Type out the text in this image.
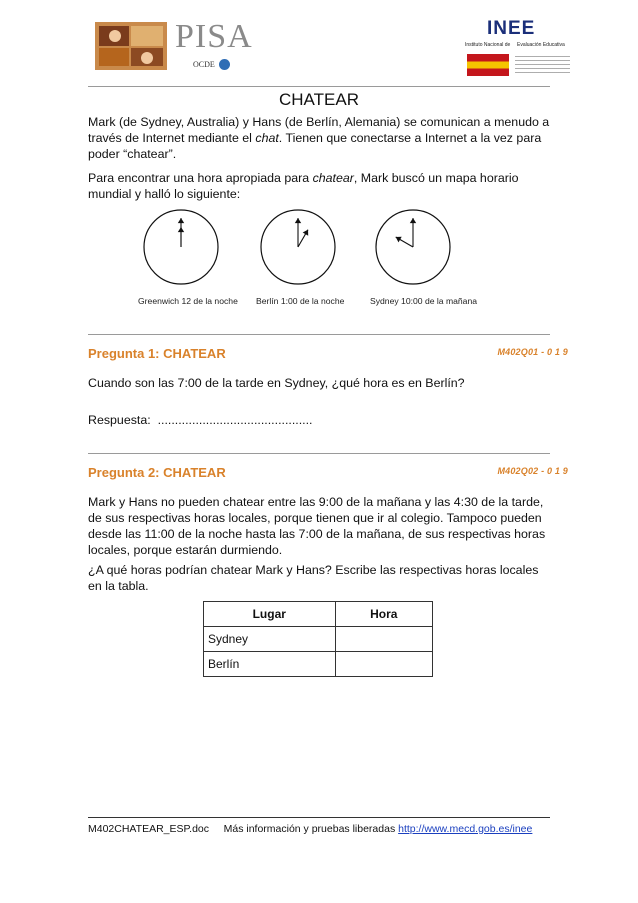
PISA
OCDE
INEE
Instituto Nacional de Evaluación Educativa
CHATEAR

Mark (de Sydney, Australia) y Hans (de Berlín, Alemania) se comunican a menudo a través de Internet mediante el chat. Tienen que conectarse a Internet a la vez para poder “chatear”.

Para encontrar una hora apropiada para chatear, Mark buscó un mapa horario mundial y halló lo siguiente:

Greenwich 12 de la noche Berlín 1:00 de la noche	Sydney 10:00 de la mañana
Pregunta 1: CHATEAR	M402Q01 - 0 1 9

Cuando son las 7:00 de la tarde en Sydney, ¿qué hora es en Berlín?

Respuesta: .............................................

Pregunta 2: CHATEAR	M402Q02 - 0 1 9

Mark y Hans no pueden chatear entre las 9:00 de la mañana y las 4:30 de la tarde, de sus respectivas horas locales, porque tienen que ir al colegio. Tampoco pueden desde las 11:00 de la noche hasta las 7:00 de la mañana, de sus respectivas horas locales, porque estarán durmiendo.

¿A qué horas podrían chatear Mark y Hans? Escribe las respectivas horas locales en la tabla.

Lugar	Hora
Sydney	
Berlín	
M402CHATEAR_ESP.doc Más información y pruebas liberadas http://www.mecd.gob.es/inee
